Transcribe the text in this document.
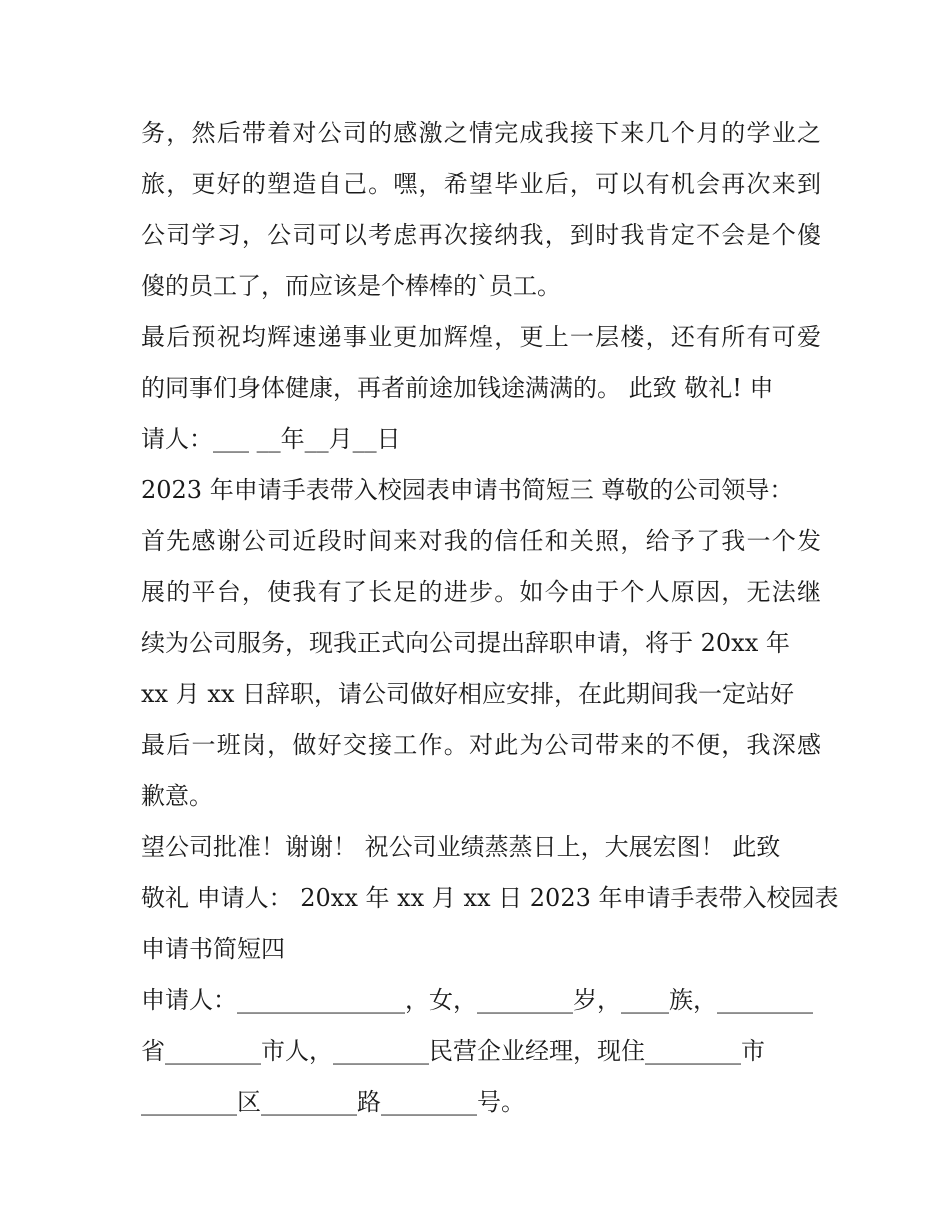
务，然后带着对公司的感激之情完成我接下来几个月的学业之
旅，更好的塑造自己。嘿，希望毕业后，可以有机会再次来到
公司学习，公司可以考虑再次接纳我，到时我肯定不会是个傻
傻的员工了，而应该是个棒棒的`员工。
最后预祝均辉速递事业更加辉煌，更上一层楼，还有所有可爱
的同事们身体健康，再者前途加钱途满满的。 此致 敬礼! 申
请人：___ __年__月__日
2023 年申请手表带入校园表申请书简短三 尊敬的公司领导：
首先感谢公司近段时间来对我的信任和关照，给予了我一个发
展的平台，使我有了长足的进步。如今由于个人原因，无法继
续为公司服务，现我正式向公司提出辞职申请，将于 20xx 年
xx 月 xx 日辞职，请公司做好相应安排，在此期间我一定站好
最后一班岗，做好交接工作。对此为公司带来的不便，我深感
歉意。
望公司批准！谢谢！ 祝公司业绩蒸蒸日上，大展宏图！ 此致
敬礼 申请人： 20xx 年 xx 月 xx 日 2023 年申请手表带入校园表
申请书简短四
申请人：______________，女，________岁，____族，________
省________市人，________民营企业经理，现住________市
________区________路________号。
